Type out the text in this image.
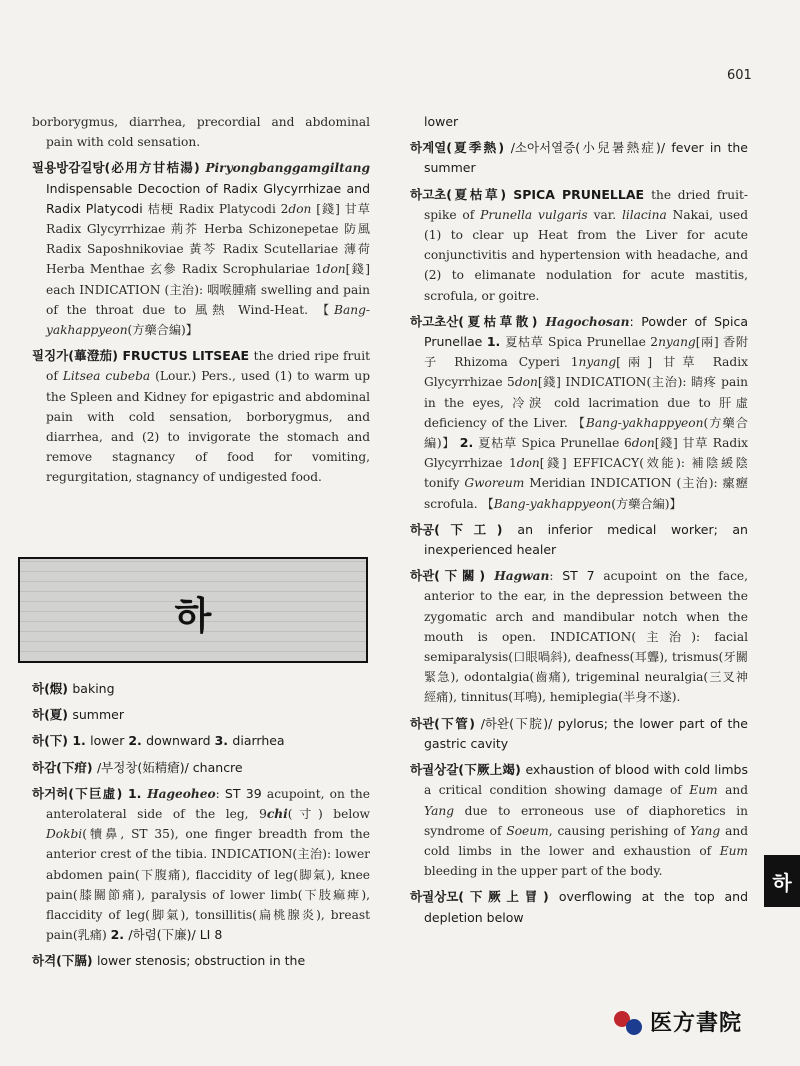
601
borborygmus, diarrhea, precordial and abdominal pain with cold sensation.
필용방감길탕(必用方甘桔湯) Piryongbanggamgiltang Indispensable Decoction of Radix Glycyrrhizae and Radix Platycodi 桔梗 Radix Platycodi 2don [錢] 甘草 Radix Glycyrrhizae 荊芥 Herba Schizonepetae 防風 Radix Saposhnikoviae 黃芩 Radix Scutellariae 薄荷 Herba Menthae 玄參 Radix Scrophulariae 1don[錢] each INDICATION (主治): 咽喉腫痛 swelling and pain of the throat due to 風熱 Wind-Heat. 【Bang-yakhappyeon(方藥合編)】
필징가(蓽澄茄) FRUCTUS LITSEAE the dried ripe fruit of Litsea cubeba (Lour.) Pers., used (1) to warm up the Spleen and Kidney for epigastric and abdominal pain with cold sensation, borborygmus, and diarrhea, and (2) to invigorate the stomach and remove stagnancy of food for vomiting, regurgitation, stagnancy of undigested food.
하
하(煆) baking
하(夏) summer
하(下) 1. lower 2. downward 3. diarrhea
하감(下疳) /부정창(妬精瘡)/ chancre
하거허(下巨虛) 1. Hageoheo: ST 39 acupoint, on the anterolateral side of the leg, 9chi(寸) below Dokbi(犢鼻, ST 35), one finger breadth from the anterior crest of the tibia. INDICATION(主治): lower abdomen pain(下腹痛), flaccidity of leg(脚氣), knee pain(膝關節痛), paralysis of lower limb(下肢痲痺), flaccidity of leg(脚氣), tonsillitis(扁桃腺炎), breast pain(乳痛) 2. /하렴(下廉)/ LI 8
하격(下膈) lower stenosis; obstruction in the
lower
하계열(夏季熱) /소아서열증(小兒暑熱症)/ fever in the summer
하고초(夏枯草) SPICA PRUNELLAE the dried fruit-spike of Prunella vulgaris var. lilacina Nakai, used (1) to clear up Heat from the Liver for acute conjunctivitis and hypertension with headache, and (2) to elimanate nodulation for acute mastitis, scrofula, or goitre.
하고초산(夏枯草散) Hagochosan: Powder of Spica Prunellae 1. 夏枯草 Spica Prunellae 2nyang[兩] 香附子 Rhizoma Cyperi 1nyang[兩] 甘草 Radix Glycyrrhizae 5don[錢] INDICATION(主治): 睛疼 pain in the eyes, 冷淚 cold lacrimation due to 肝虛 deficiency of the Liver. 【Bang-yakhappyeon(方藥合編)】 2. 夏枯草 Spica Prunellae 6don[錢] 甘草 Radix Glycyrrhizae 1don[錢] EFFICACY(效能): 補陰緩陰 tonify Gworeum Meridian INDICATION (主治): 瘰癧 scrofula. 【Bang-yakhappyeon(方藥合編)】
하공(下工) an inferior medical worker; an inexperienced healer
하관(下關) Hagwan: ST 7 acupoint on the face, anterior to the ear, in the depression between the zygomatic arch and mandibular notch when the mouth is open. INDICATION(主治): facial semiparalysis(口眼喎斜), deafness(耳聾), trismus(牙關緊急), odontalgia(齒痛), trigeminal neuralgia(三叉神經痛), tinnitus(耳鳴), hemiplegia(半身不遂).
하관(下管) /하완(下脘)/ pylorus; the lower part of the gastric cavity
하궐상갈(下厥上竭) exhaustion of blood with cold limbs a critical condition showing damage of Eum and Yang due to erroneous use of diaphoretics in syndrome of Soeum, causing perishing of Yang and cold limbs in the lower and exhaustion of Eum bleeding in the upper part of the body.
하궐상모(下厥上冒) overflowing at the top and depletion below
하
医方書院
